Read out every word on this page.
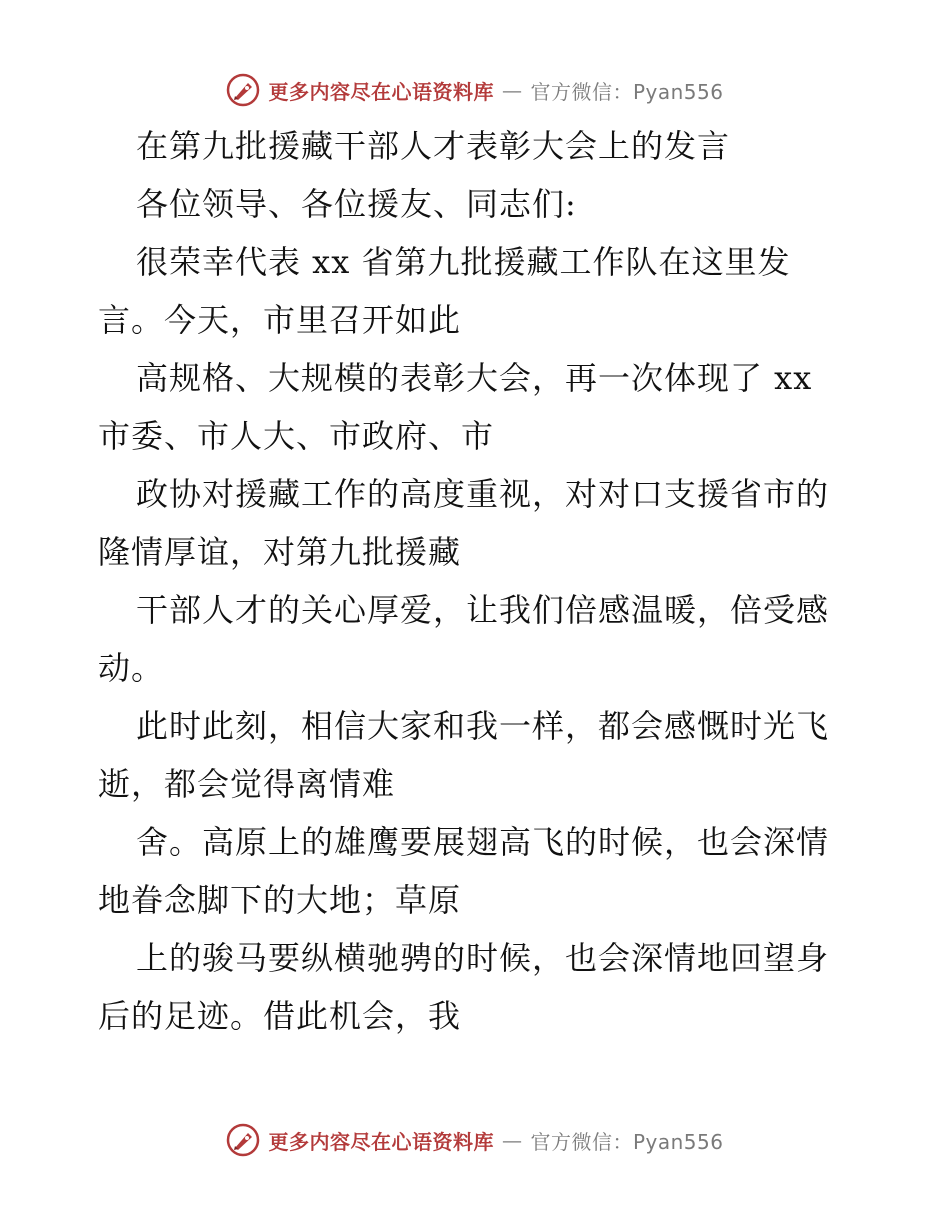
更多内容尽在心语资料库 — 官方微信：Pyan556
在第九批援藏干部人才表彰大会上的发言
各位领导、各位援友、同志们:
很荣幸代表 xx 省第九批援藏工作队在这里发
言。今天，市里召开如此
高规格、大规模的表彰大会，再一次体现了 xx
市委、市人大、市政府、市
政协对援藏工作的高度重视，对对口支援省市的
隆情厚谊，对第九批援藏
干部人才的关心厚爱，让我们倍感温暖，倍受感
动。
此时此刻，相信大家和我一样，都会感慨时光飞
逝，都会觉得离情难
舍。高原上的雄鹰要展翅高飞的时候，也会深情
地眷念脚下的大地；草原
上的骏马要纵横驰骋的时候，也会深情地回望身
后的足迹。借此机会，我
更多内容尽在心语资料库 — 官方微信：Pyan556
